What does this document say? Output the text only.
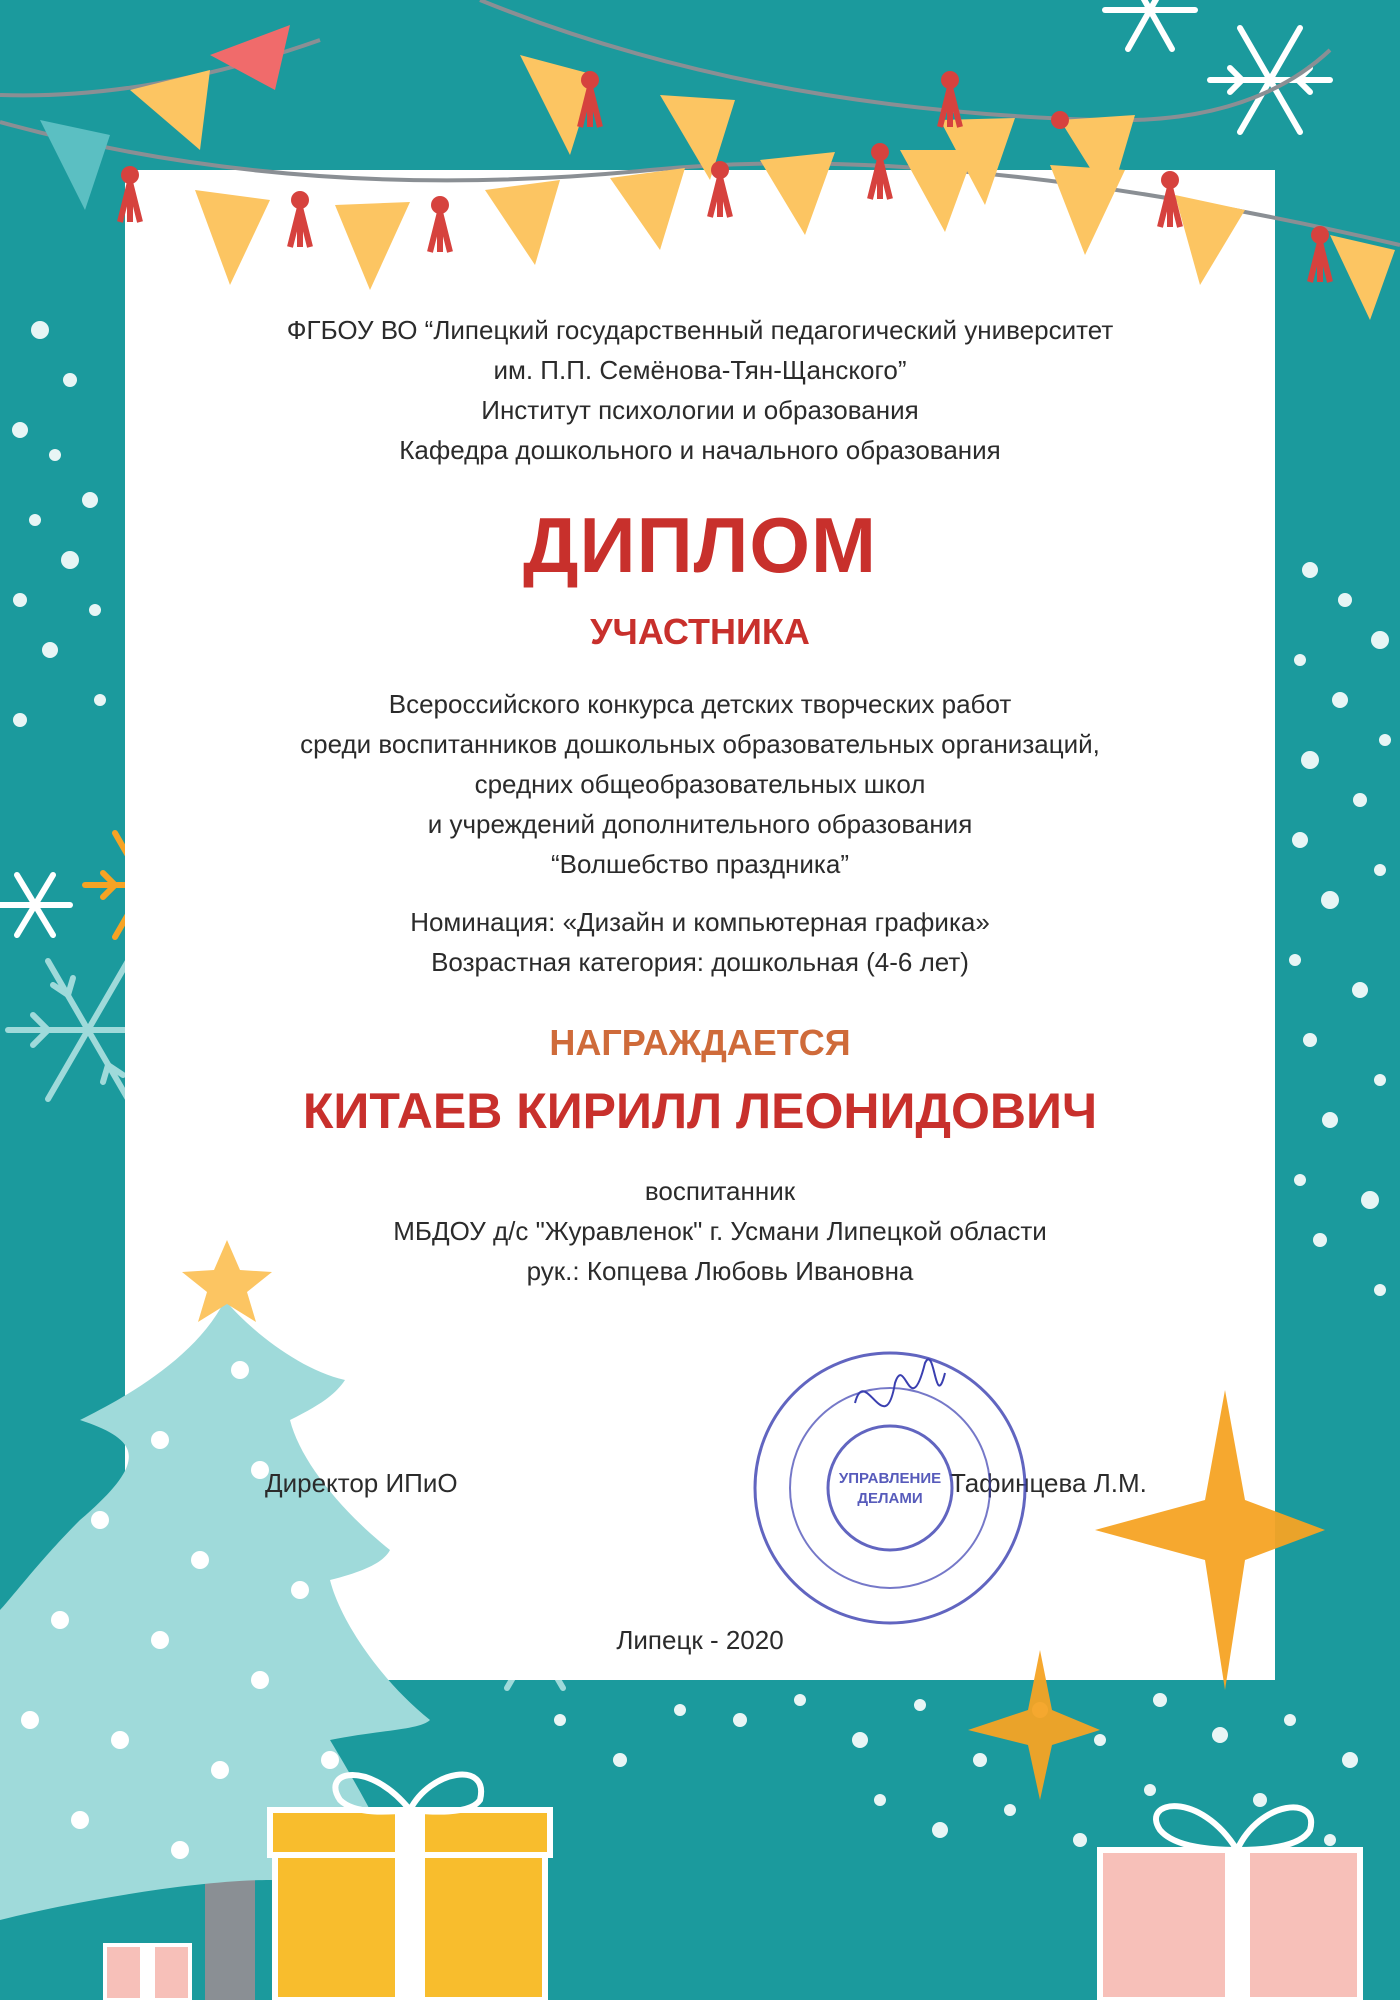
ФГБОУ ВО “Липецкий государственный педагогический университет
им. П.П. Семёнова-Тян-Щанского”
Институт психологии и образования
Кафедра дошкольного и начального образования
ДИПЛОМ
УЧАСТНИКА
Всероссийского конкурса детских творческих работ
среди воспитанников дошкольных образовательных организаций,
средних общеобразовательных школ
и учреждений дополнительного образования
“Волшебство праздника”
Номинация: «Дизайн и компьютерная графика»
Возрастная категория: дошкольная (4-6 лет)
НАГРАЖДАЕТСЯ
КИТАЕВ КИРИЛЛ ЛЕОНИДОВИЧ
воспитанник
МБДОУ д/с "Журавленок" г. Усмани Липецкой области
рук.: Копцева Любовь Ивановна
Директор ИПиО	Тафинцева Л.М.
Липецк - 2020
УПРАВЛЕНИЕ
ДЕЛАМИ
